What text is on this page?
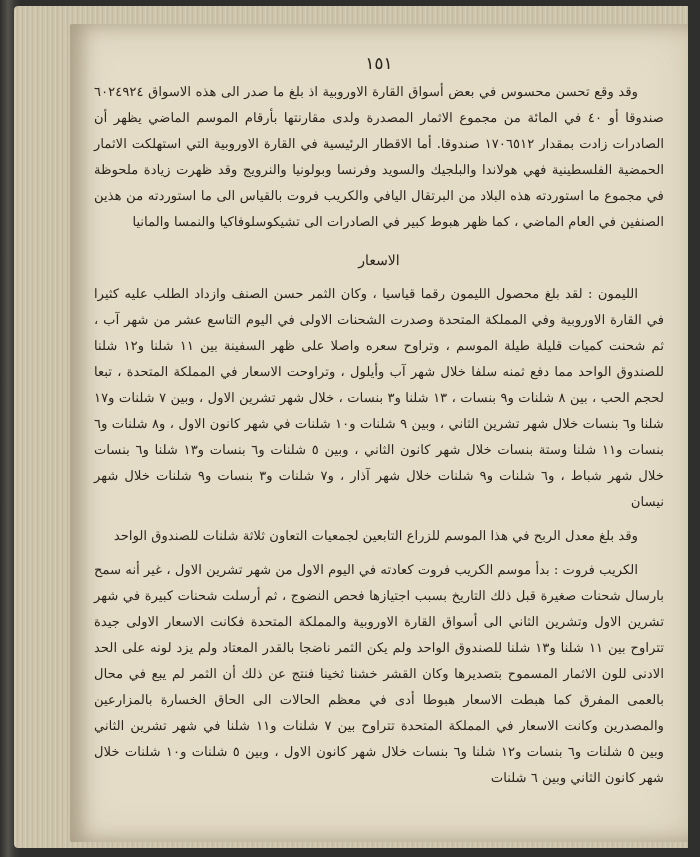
١٥١

وقد وقع تحسن محسوس في بعض أسواق القارة الاوروبية اذ بلغ ما صدر الى هذه الاسواق ٦٠٢٤٩٢٤ صندوقا أو ٤٠ في المائة من مجموع الاثمار المصدرة ولدى مقارنتها بأرقام الموسم الماضي يظهر أن الصادرات زادت بمقدار ١٧٠٦٥١٢ صندوقا. أما الاقطار الرئيسية في القارة الاوروبية التي استهلكت الاثمار الحمضية الفلسطينية فهي هولاندا والبلجيك والسويد وفرنسا وبولونيا والنرويج وقد ظهرت زيادة ملحوظة في مجموع ما استوردته هذه البلاد من البرتقال اليافي والكريب فروت بالقياس الى ما استوردته من هذين الصنفين في العام الماضي ، كما ظهر هبوط كبير في الصادرات الى تشيكوسلوفاكيا والنمسا والمانيا

الاسعار

الليمون : لقد بلغ محصول الليمون رقما قياسيا ، وكان الثمر حسن الصنف وازداد الطلب عليه كثيرا في القارة الاوروبية وفي المملكة المتحدة وصدرت الشحنات الاولى في اليوم التاسع عشر من شهر آب ، ثم شحنت كميات قليلة طيلة الموسم ، وتراوح سعره واصلا على ظهر السفينة بين ١١ شلنا و١٢ شلنا للصندوق الواحد مما دفع ثمنه سلفا خلال شهر آب وأيلول ، وتراوحت الاسعار في المملكة المتحدة ، تبعا لحجم الحب ، بين ٨ شلنات و٩ بنسات ، ١٣ شلنا و٣ بنسات ، خلال شهر تشرين الاول ، وبين ٧ شلنات و١٧ شلنا و٦ بنسات خلال شهر تشرين الثاني ، وبين ٩ شلنات و١٠ شلنات في شهر كانون الاول ، و٨ شلنات و٦ بنسات و١١ شلنا وستة بنسات خلال شهر كانون الثاني ، وبين ٥ شلنات و٦ بنسات و١٣ شلنا و٦ بنسات خلال شهر شباط ، و٦ شلنات و٩ شلنات خلال شهر آذار ، و٧ شلنات و٣ بنسات و٩ شلنات خلال شهر نيسان

وقد بلغ معدل الربح في هذا الموسم للزراع التابعين لجمعيات التعاون ثلاثة شلنات للصندوق الواحد

الكريب فروت : بدأ موسم الكريب فروت كعادته في اليوم الاول من شهر تشرين الاول ، غير أنه سمح بارسال شحنات صغيرة قبل ذلك التاريخ بسبب اجتيازها فحص النضوج ، ثم أرسلت شحنات كبيرة في شهر تشرين الاول وتشرين الثاني الى أسواق القارة الاوروبية والمملكة المتحدة فكانت الاسعار الاولى جيدة تتراوح بين ١١ شلنا و١٣ شلنا للصندوق الواحد ولم يكن الثمر ناضجا بالقدر المعتاد ولم يزد لونه على الحد الادنى للون الاثمار المسموح بتصديرها وكان القشر خشنا ثخينا فنتج عن ذلك أن الثمر لم يبع في محال بالعمى المفرق كما هبطت الاسعار هبوطا أدى في معظم الحالات الى الحاق الخسارة بالمزارعين والمصدرين وكانت الاسعار في المملكة المتحدة تتراوح بين ٧ شلنات و١١ شلنا في شهر تشرين الثاني وبين ٥ شلنات و٦ بنسات و١٢ شلنا و٦ بنسات خلال شهر كانون الاول ، وبين ٥ شلنات و١٠ شلنات خلال شهر كانون الثاني وبين ٦ شلنات
